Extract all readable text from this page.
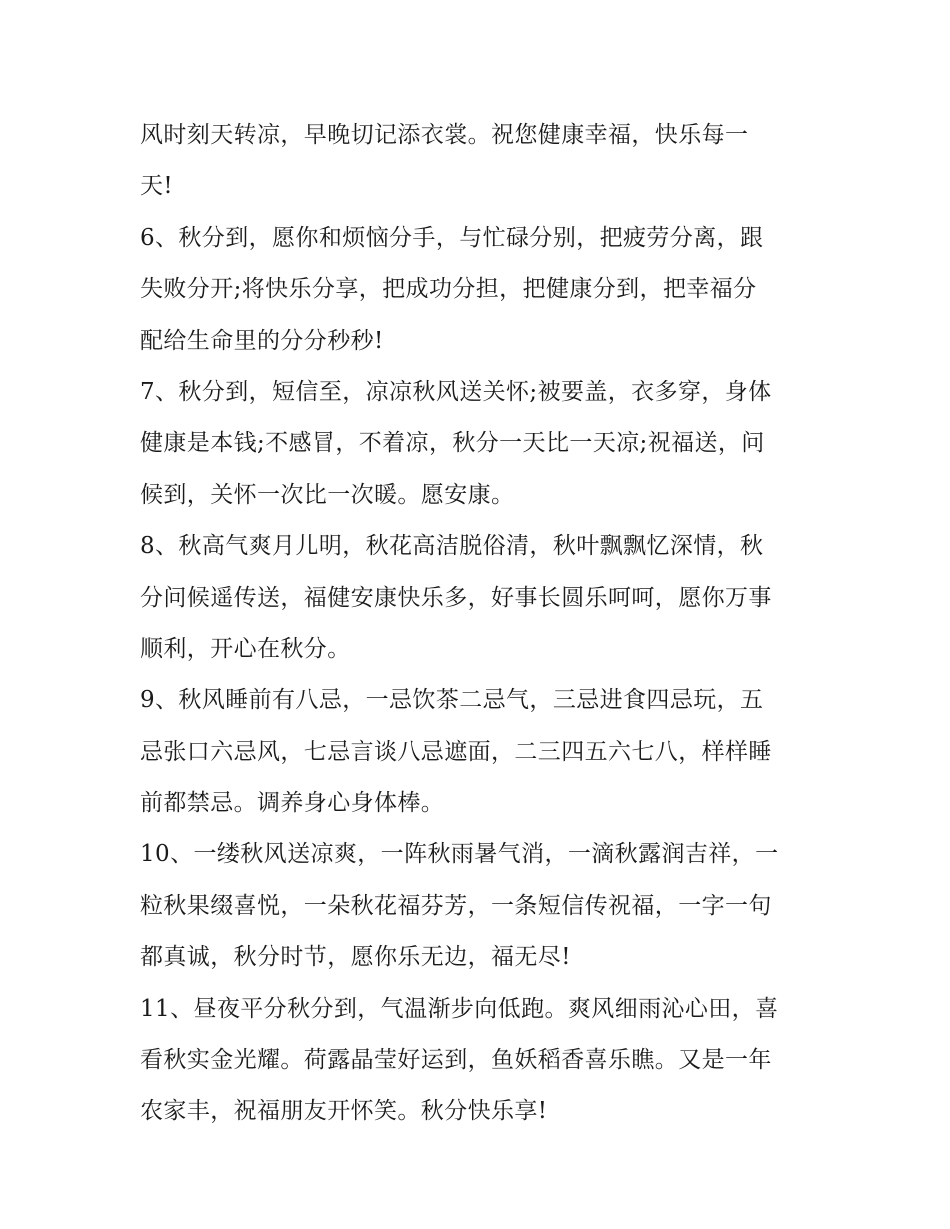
风时刻天转凉，早晚切记添衣裳。祝您健康幸福，快乐每一
天!
6、秋分到，愿你和烦恼分手，与忙碌分别，把疲劳分离，跟
失败分开;将快乐分享，把成功分担，把健康分到，把幸福分
配给生命里的分分秒秒!
7、秋分到，短信至，凉凉秋风送关怀;被要盖，衣多穿，身体
健康是本钱;不感冒，不着凉，秋分一天比一天凉;祝福送，问
候到，关怀一次比一次暖。愿安康。
8、秋高气爽月儿明，秋花高洁脱俗清，秋叶飘飘忆深情，秋
分问候遥传送，福健安康快乐多，好事长圆乐呵呵，愿你万事
顺利，开心在秋分。
9、秋风睡前有八忌，一忌饮茶二忌气，三忌进食四忌玩，五
忌张口六忌风，七忌言谈八忌遮面，二三四五六七八，样样睡
前都禁忌。调养身心身体棒。
10、一缕秋风送凉爽，一阵秋雨暑气消，一滴秋露润吉祥，一
粒秋果缀喜悦，一朵秋花福芬芳，一条短信传祝福，一字一句
都真诚，秋分时节，愿你乐无边，福无尽!
11、昼夜平分秋分到，气温渐步向低跑。爽风细雨沁心田，喜
看秋实金光耀。荷露晶莹好运到，鱼妖稻香喜乐瞧。又是一年
农家丰，祝福朋友开怀笑。秋分快乐享!
